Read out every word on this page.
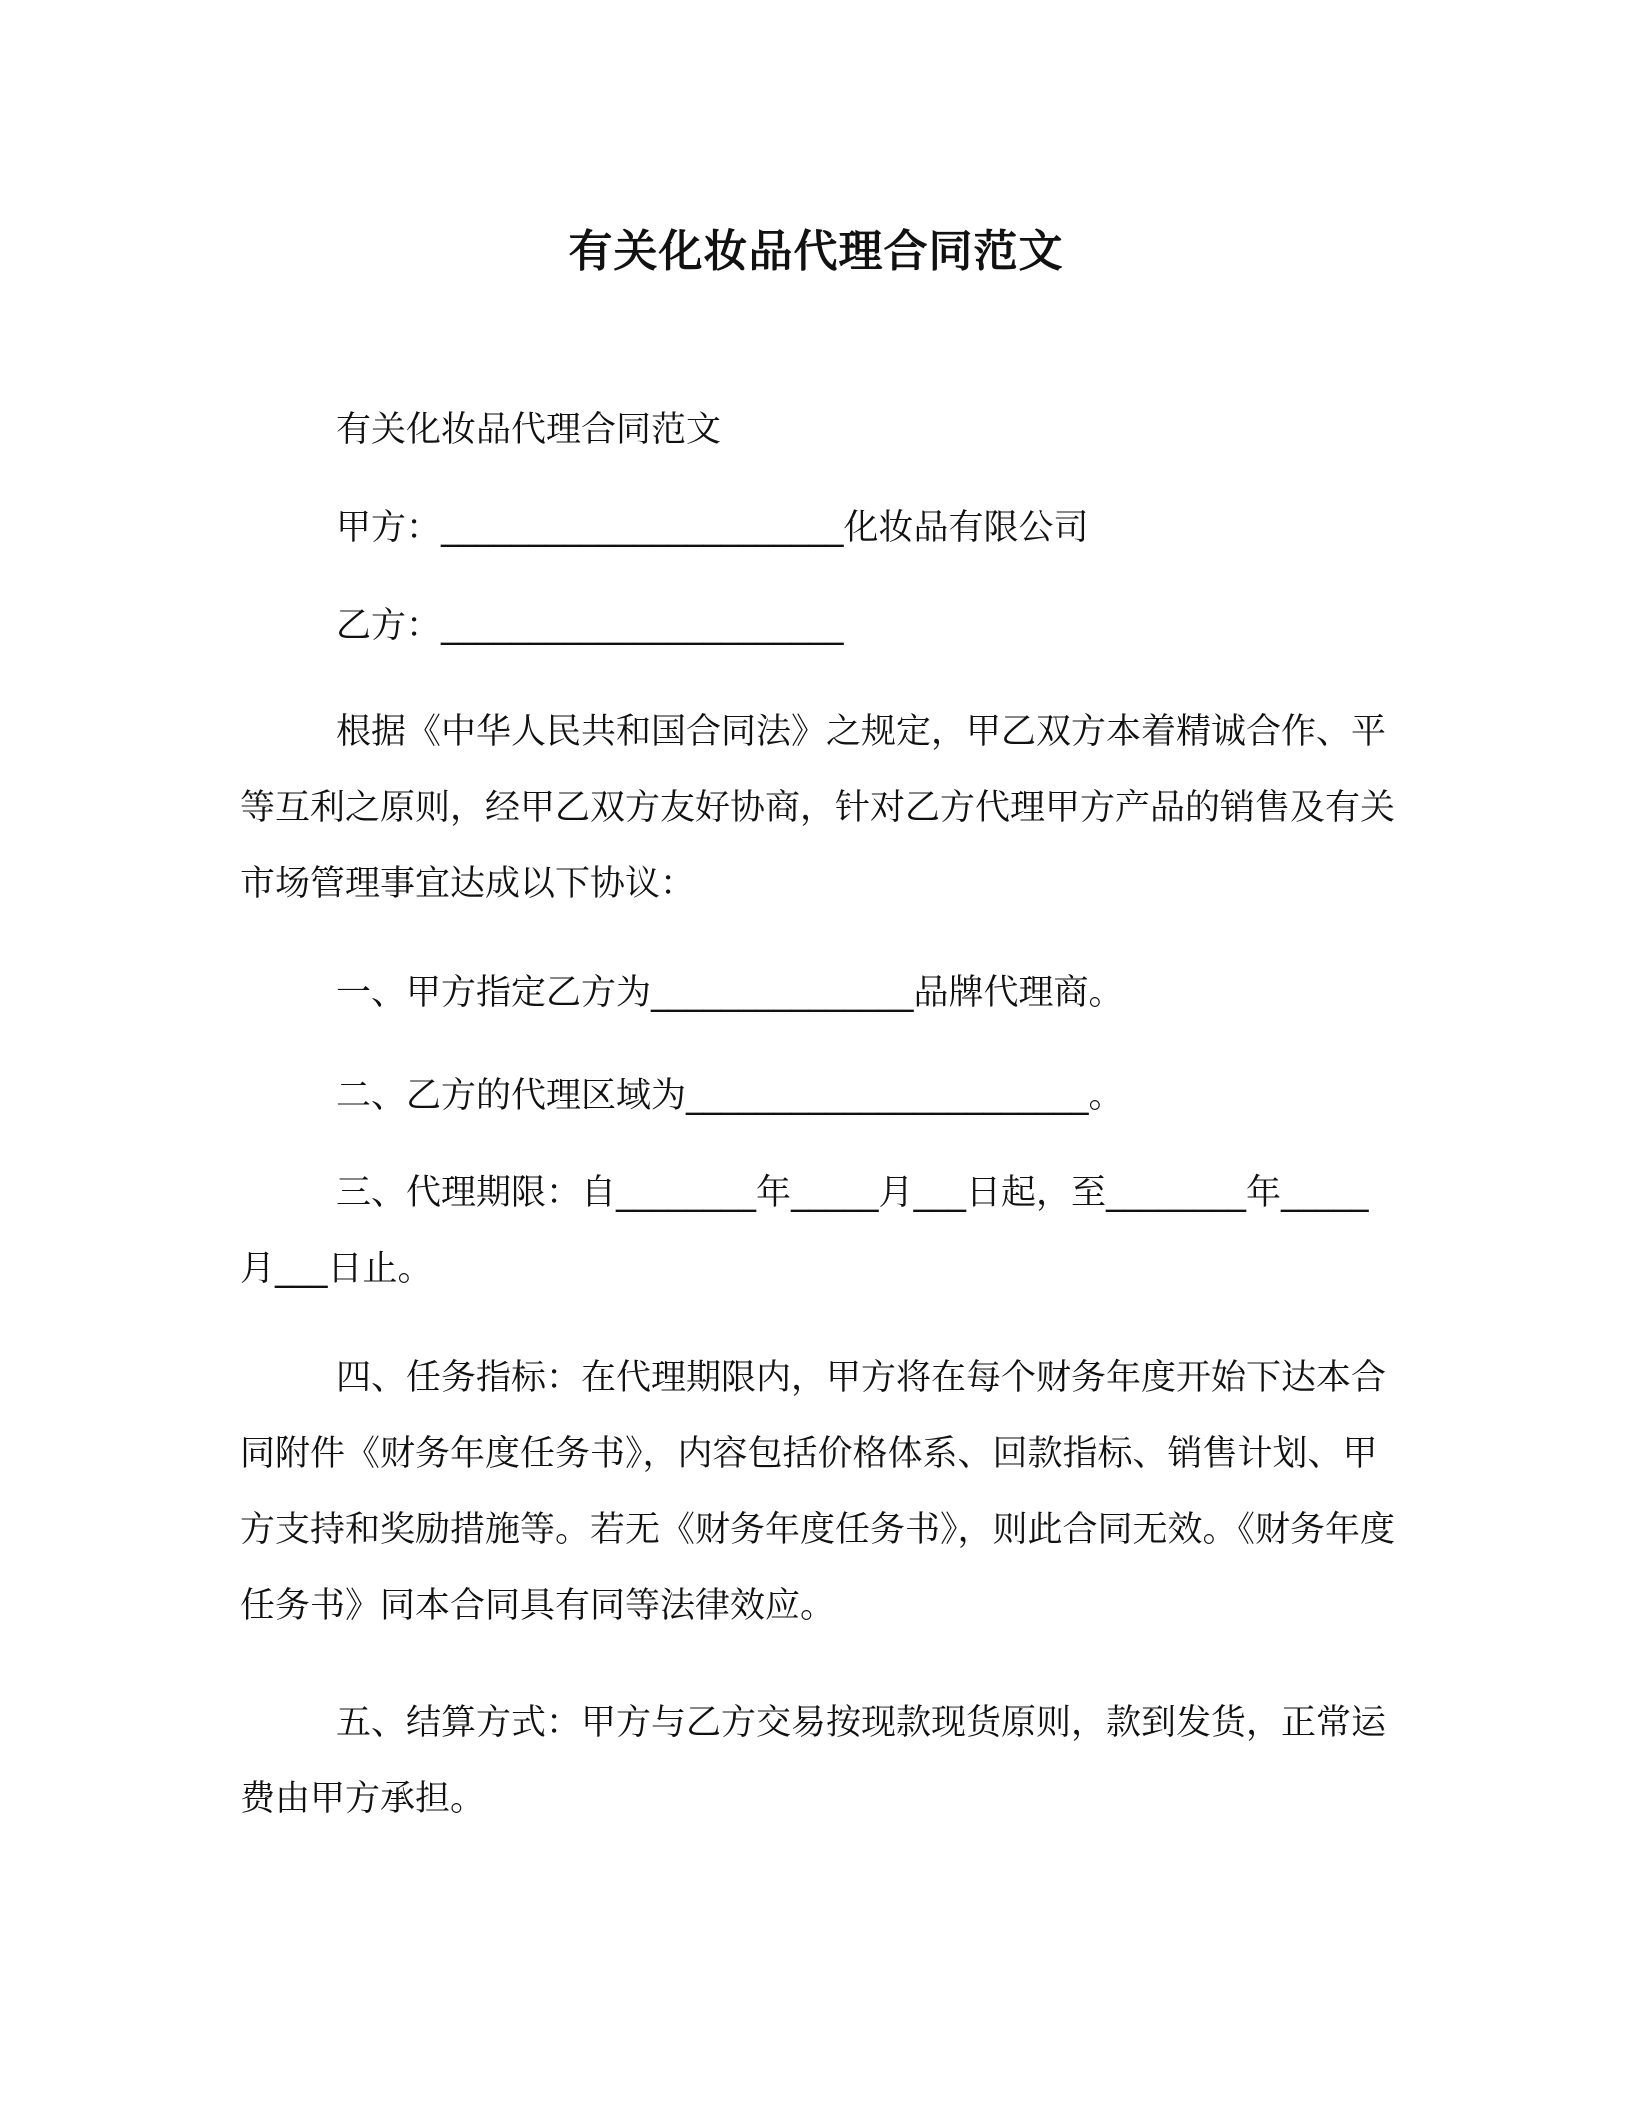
有关化妆品代理合同范文

有关化妆品代理合同范文

甲方：_______________________化妆品有限公司

乙方：_______________________

根据《中华人民共和国合同法》之规定，甲乙双方本着精诚合作、平等互利之原则，经甲乙双方友好协商，针对乙方代理甲方产品的销售及有关市场管理事宜达成以下协议：

一、甲方指定乙方为_______________品牌代理商。

二、乙方的代理区域为_______________________。

三、代理期限：自________年_____月___日起，至________年_____月___日止。

四、任务指标：在代理期限内，甲方将在每个财务年度开始下达本合同附件《财务年度任务书》，内容包括价格体系、回款指标、销售计划、甲方支持和奖励措施等。若无《财务年度任务书》，则此合同无效。《财务年度任务书》同本合同具有同等法律效应。

五、结算方式：甲方与乙方交易按现款现货原则，款到发货，正常运费由甲方承担。
